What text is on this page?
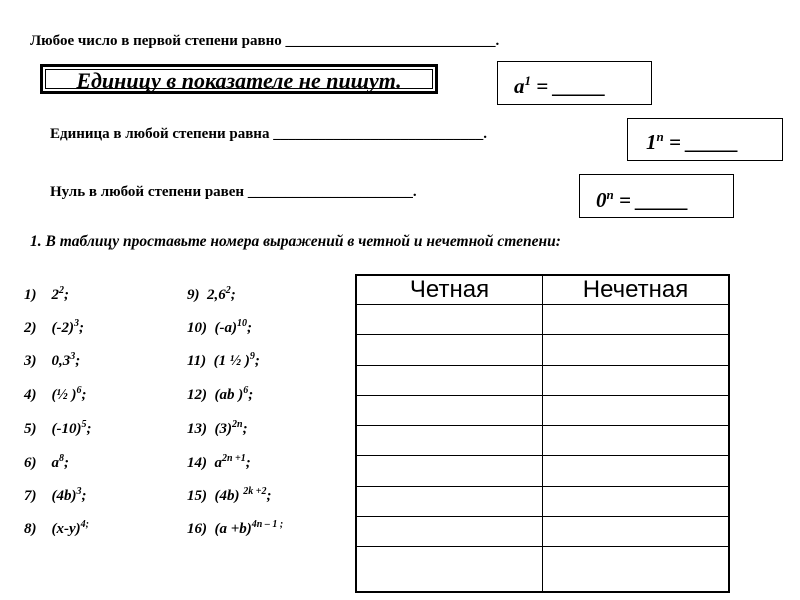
Любое число в первой степени равно ____________________________.
Единицу в показателе не пишут.	$a^1$ = _____
Единица в любой степени равна ____________________________.	$1^n$ = _____
Нуль в любой степени равен ______________________.	$0^n$ = _____
1. В таблицу проставьте номера выражений в четной и нечетной степени:
1) $2^2$;
2) $(-2)^3$;
3) $0,3^3$;
4) (½ )$^6$;
5) $(-10)^5$;
6) $a^8$;
7) $(4b)^3$;
8) $(x-y)^{4;}$
9) $2,6^2$;
10) $(-a)^{10}$;
11) (1 ½ )$^9$;
12) (ab )$^6$;
13) $(3)^{2n}$;
14) $a^{2n +1}$;
15) (4b) $^{2k +2}$;
16) $(a +b)^{4n - 1 ;}$
Четная	Нечетная
